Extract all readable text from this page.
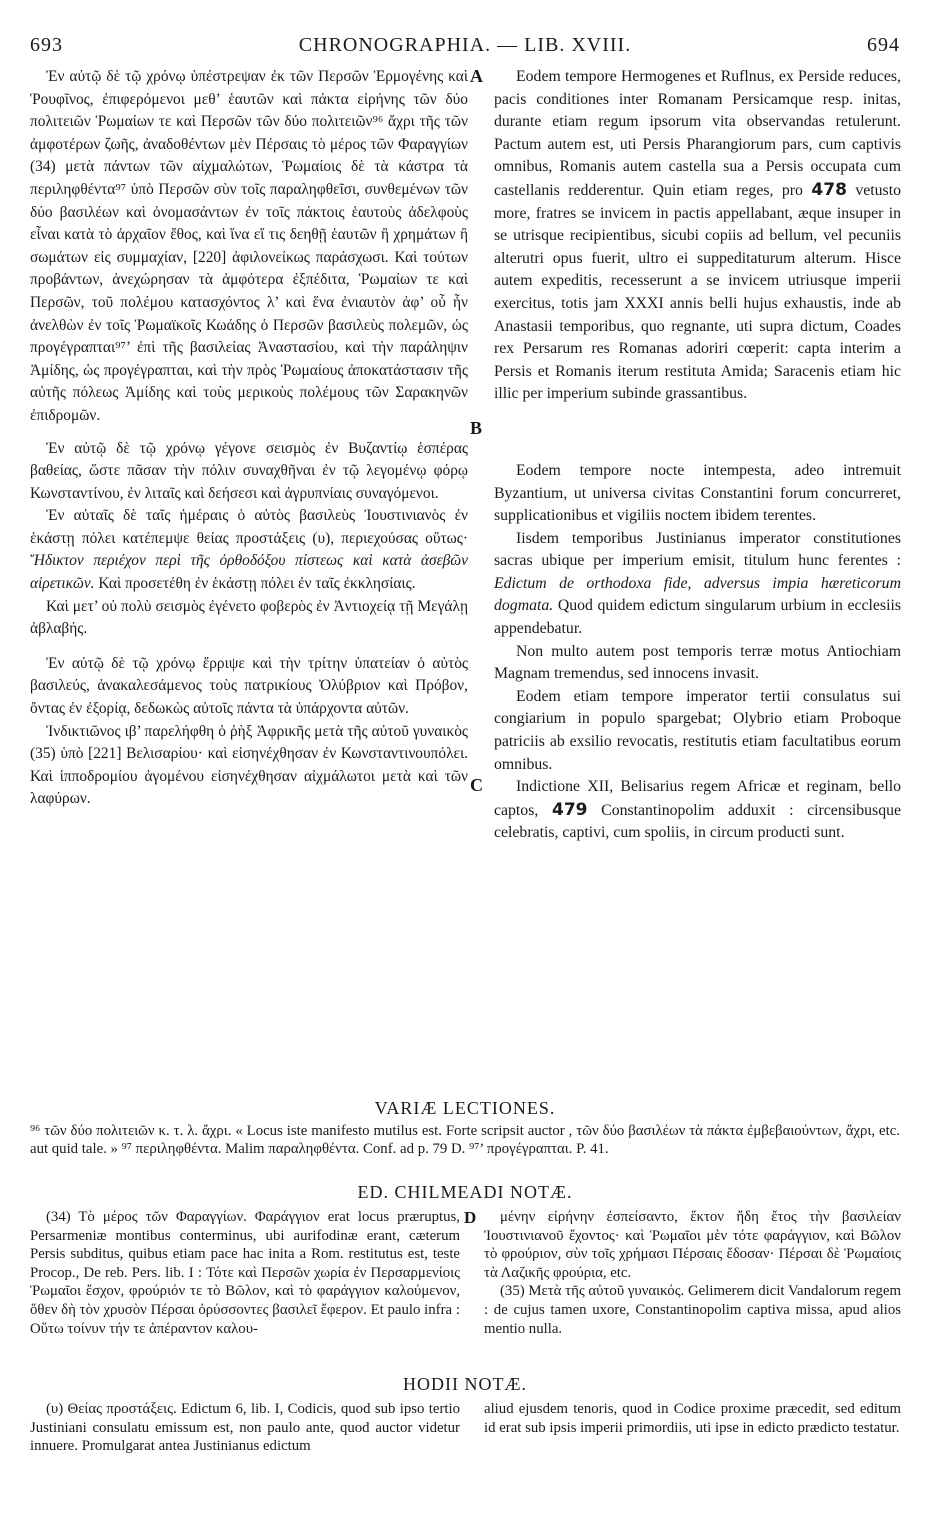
693	CHRONOGRAPHIA. — LIB. XVIII.	694

Ἐν αὐτῷ δὲ τῷ χρόνῳ ὑπέστρεψαν ἐκ τῶν Περσῶν Ἑρμογένης καὶ Ῥουφῖνος, ἐπιφερόμενοι μεθ’ ἑαυτῶν καὶ πάκτα εἰρήνης τῶν δύο πολιτειῶν Ῥωμαίων τε καὶ Περσῶν τῶν δύο πολιτειῶν⁹⁶ ἄχρι τῆς τῶν ἀμφοτέρων ζωῆς, ἀναδοθέντων μὲν Πέρσαις τὸ μέρος τῶν Φαραγγίων (34) μετὰ πάντων τῶν αἰχμαλώτων, Ῥωμαίοις δὲ τὰ κάστρα τὰ περιληφθέντα⁹⁷ ὑπὸ Περσῶν σὺν τοῖς παραληφθεῖσι, συνθεμένων τῶν δύο βασιλέων καὶ ὀνομασάντων ἐν τοῖς πάκτοις ἑαυτοὺς ἀδελφοὺς εἶναι κατὰ τὸ ἀρχαῖον ἔθος, καὶ ἵνα εἴ τις δεηθῇ ἑαυτῶν ἢ χρημάτων ἢ σωμάτων εἰς συμμαχίαν, [220] ἀφιλονείκως παράσχωσι. Καὶ τούτων προβάντων, ἀνεχώρησαν τὰ ἀμφότερα ἐξπέδιτα, Ῥωμαίων τε καὶ Περσῶν, τοῦ πολέμου κατασχόντος λ’ καὶ ἕνα ἐνιαυτὸν ἀφ’ οὗ ἦν ἀνελθὼν ἐν τοῖς Ῥωμαϊκοῖς Κωάδης ὁ Περσῶν βασιλεὺς πολεμῶν, ὡς προγέγραπται⁹⁷’ ἐπὶ τῆς βασιλείας Ἀναστασίου, καὶ τὴν παράληψιν Ἀμίδης, ὡς προγέγραπται, καὶ τὴν πρὸς Ῥωμαίους ἀποκατάστασιν τῆς αὐτῆς πόλεως Ἀμίδης καὶ τοὺς μερικοὺς πολέμους τῶν Σαρακηνῶν ἐπιδρομῶν.

Ἐν αὐτῷ δὲ τῷ χρόνῳ γέγονε σεισμὸς ἐν Βυζαντίῳ ἑσπέρας βαθείας, ὥστε πᾶσαν τὴν πόλιν συναχθῆναι ἐν τῷ λεγομένῳ φόρῳ Κωνσταντίνου, ἐν λιταῖς καὶ δεήσεσι καὶ ἀγρυπνίαις συναγόμενοι.

Ἐν αὐταῖς δὲ ταῖς ἡμέραις ὁ αὐτὸς βασιλεὺς Ἰουστινιανὸς ἐν ἑκάστῃ πόλει κατέπεμψε θείας προστάξεις (υ), περιεχούσας οὕτως· Ἤδικτον περιέχον περὶ τῆς ὀρθοδόξου πίστεως καὶ κατὰ ἀσεβῶν αἱρετικῶν. Καὶ προσετέθη ἐν ἑκάστῃ πόλει ἐν ταῖς ἐκκλησίαις.

Καὶ μετ’ οὐ πολὺ σεισμὸς ἐγένετο φοβερὸς ἐν Ἀντιοχείᾳ τῇ Μεγάλῃ ἀβλαβής.

Ἐν αὐτῷ δὲ τῷ χρόνῳ ἔρριψε καὶ τὴν τρίτην ὑπατείαν ὁ αὐτὸς βασιλεύς, ἀνακαλεσάμενος τοὺς πατρικίους Ὀλύβριον καὶ Πρόβον, ὄντας ἐν ἐξορίᾳ, δεδωκὼς αὐτοῖς πάντα τὰ ὑπάρχοντα αὐτῶν.

Ἰνδικτιῶνος ιβ’ παρελήφθη ὁ ῥὴξ Ἀφρικῆς μετὰ τῆς αὐτοῦ γυναικὸς (35) ὑπὸ [221] Βελισαρίου· καὶ εἰσηνέχθησαν ἐν Κωνσταντινουπόλει. Καὶ ἱπποδρομίου ἀγομένου εἰσηνέχθησαν αἰχμάλωτοι μετὰ καὶ τῶν λαφύρων.

A
B
C

Eodem tempore Hermogenes et Ruflnus, ex Perside reduces, pacis conditiones inter Romanam Persicamque resp. initas, durante etiam regum ipsorum vita observandas retulerunt. Pactum autem est, uti Persis Pharangiorum pars, cum captivis omnibus, Romanis autem castella sua a Persis occupata cum castellanis redderentur. Quin etiam reges, pro 478 vetusto more, fratres se invicem in pactis appellabant, æque insuper in se utrisque recipientibus, sicubi copiis ad bellum, vel pecuniis alterutri opus fuerit, ultro ei suppeditaturum alterum. Hisce autem expeditis, recesserunt a se invicem utriusque imperii exercitus, totis jam XXXI annis belli hujus exhaustis, inde ab Anastasii temporibus, quo regnante, uti supra dictum, Coades rex Persarum res Romanas adoriri cœperit: capta interim a Persis et Romanis iterum restituta Amida; Saracenis etiam hic illic per imperium subinde grassantibus.

Eodem tempore nocte intempesta, adeo intremuit Byzantium, ut universa civitas Constantini forum concurreret, supplicationibus et vigiliis noctem ibidem terentes.

Iisdem temporibus Justinianus imperator constitutiones sacras ubique per imperium emisit, titulum hunc ferentes : Edictum de orthodoxa fide, adversus impia hæreticorum dogmata. Quod quidem edictum singularum urbium in ecclesiis appendebatur.

Non multo autem post temporis terræ motus Antiochiam Magnam tremendus, sed innocens invasit.

Eodem etiam tempore imperator tertii consulatus sui congiarium in populo spargebat; Olybrio etiam Proboque patriciis ab exsilio revocatis, restitutis etiam facultatibus eorum omnibus.

Indictione XII, Belisarius regem Africæ et reginam, bello captos, 479 Constantinopolim adduxit : circensibusque celebratis, captivi, cum spoliis, in circum producti sunt.

VARIÆ LECTIONES.

⁹⁶ τῶν δύο πολιτειῶν κ. τ. λ. ἄχρι. « Locus iste manifesto mutilus est. Forte scripsit auctor , τῶν δύο βασιλέων τὰ πάκτα ἐμβεβαιούντων, ἄχρι, etc. aut quid tale. » ⁹⁷ περιληφθέντα. Malim παραληφθέντα. Conf. ad p. 79 D. ⁹⁷’ προγέγραπται. P. 41.

ED. CHILMEADI NOTÆ.
D

(34) Τὸ μέρος τῶν Φαραγγίων. Φαράγγιον erat locus præruptus, Persarmeniæ montibus conterminus, ubi aurifodinæ erant, cæterum Persis subditus, quibus etiam pace hac inita a Rom. restitutus est, teste Procop., De reb. Pers. lib. I : Τότε καὶ Περσῶν χωρία ἐν Περσαρμενίοις Ῥωμαῖοι ἔσχον, φρούριόν τε τὸ Βῶλον, καὶ τὸ φαράγγιον καλούμενον, ὅθεν δὴ τὸν χρυσὸν Πέρσαι ὀρύσσοντες βασιλεῖ ἔφερον. Et paulo infra : Οὕτω τοίνυν τήν τε ἀπέραντον καλου-

μένην εἰρήνην ἐσπείσαντο, ἕκτον ἤδη ἔτος τὴν βασιλείαν Ἰουστινιανοῦ ἔχοντος· καὶ Ῥωμαῖοι μὲν τότε φαράγγιον, καὶ Βῶλον τὸ φρούριον, σὺν τοῖς χρήμασι Πέρσαις ἔδοσαν· Πέρσαι δὲ Ῥωμαίοις τὰ Λαζικῆς φρούρια, etc.

(35) Μετὰ τῆς αὐτοῦ γυναικός. Gelimerem dicit Vandalorum regem : de cujus tamen uxore, Constantinopolim captiva missa, apud alios mentio nulla.

HODII NOTÆ.

(υ) Θείας προστάξεις. Edictum 6, lib. I, Codicis, quod sub ipso tertio Justiniani consulatu emissum est, non paulo ante, quod auctor videtur innuere. Promulgarat antea Justinianus edictum

aliud ejusdem tenoris, quod in Codice proxime præcedit, sed editum id erat sub ipsis imperii primordiis, uti ipse in edicto prædicto testatur.
